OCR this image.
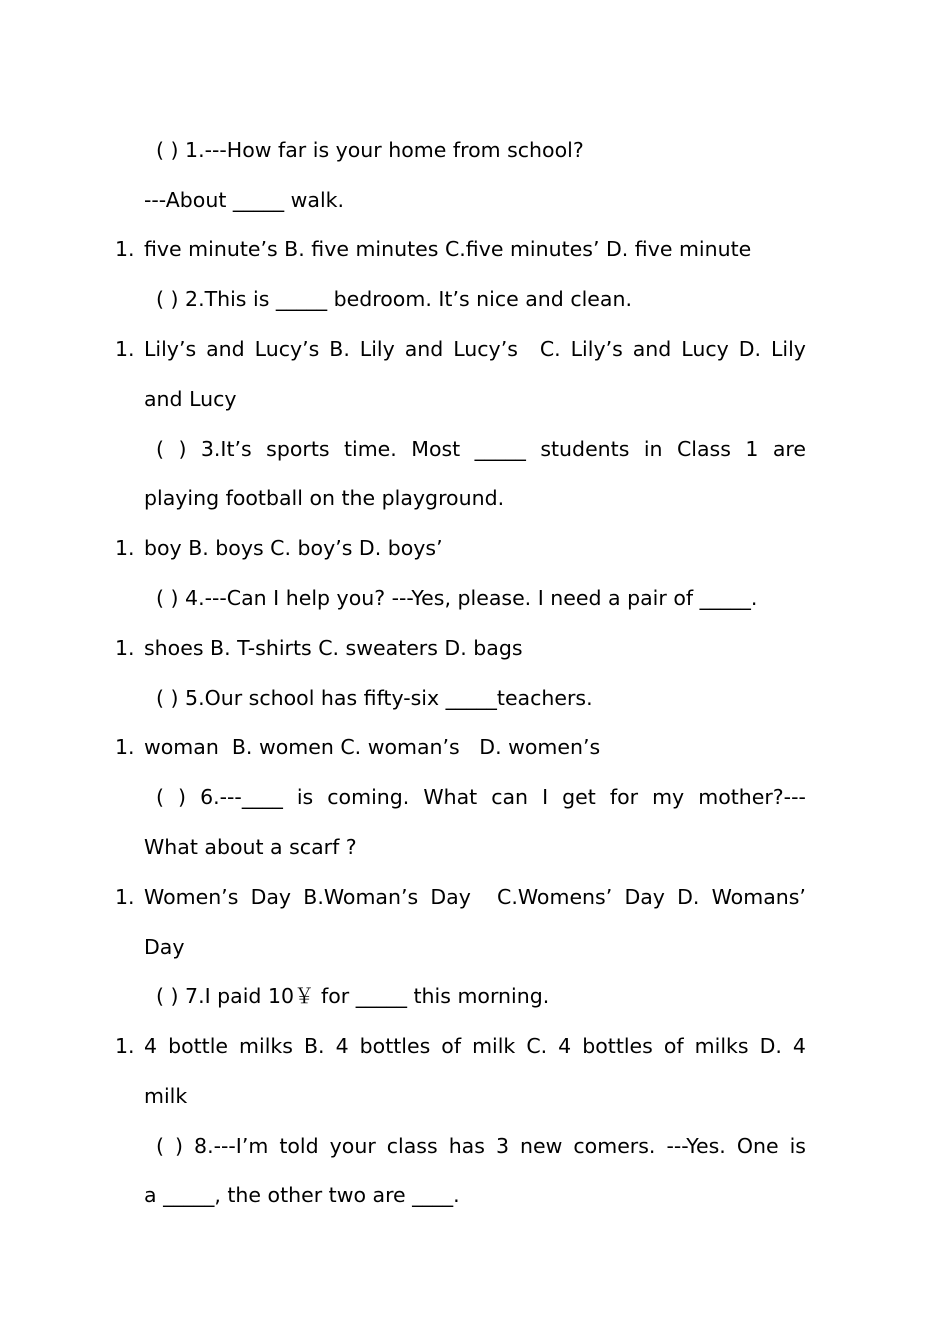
( ) 1.---How far is your home from school?
---About _____ walk.
1. five minute’s B. five minutes C.five minutes’ D. five minute
( ) 2.This is _____ bedroom. It’s nice and clean.
1. Lily’s and Lucy’s B. Lily and Lucy’s C. Lily’s and Lucy D. Lily
and Lucy
( ) 3.It’s sports time. Most _____ students in Class 1 are
playing football on the playground.
1. boy B. boys C. boy’s D. boys’
( ) 4.---Can I help you? ---Yes, please. I need a pair of _____.
1. shoes B. T-shirts C. sweaters D. bags
( ) 5.Our school has fifty-six _____teachers.
1. woman  B. women C. woman’s   D. women’s
( ) 6.---____ is coming. What can I get for my mother?---
What about a scarf ?
1. Women’s Day B.Woman’s Day C.Womens’ Day D. Womans’
Day
( ) 7.I paid 10￥ for _____ this morning.
1. 4 bottle milks B. 4 bottles of milk C. 4 bottles of milks D. 4
milk
( ) 8.---I’m told your class has 3 new comers. ---Yes. One is
a _____, the other two are ____.
